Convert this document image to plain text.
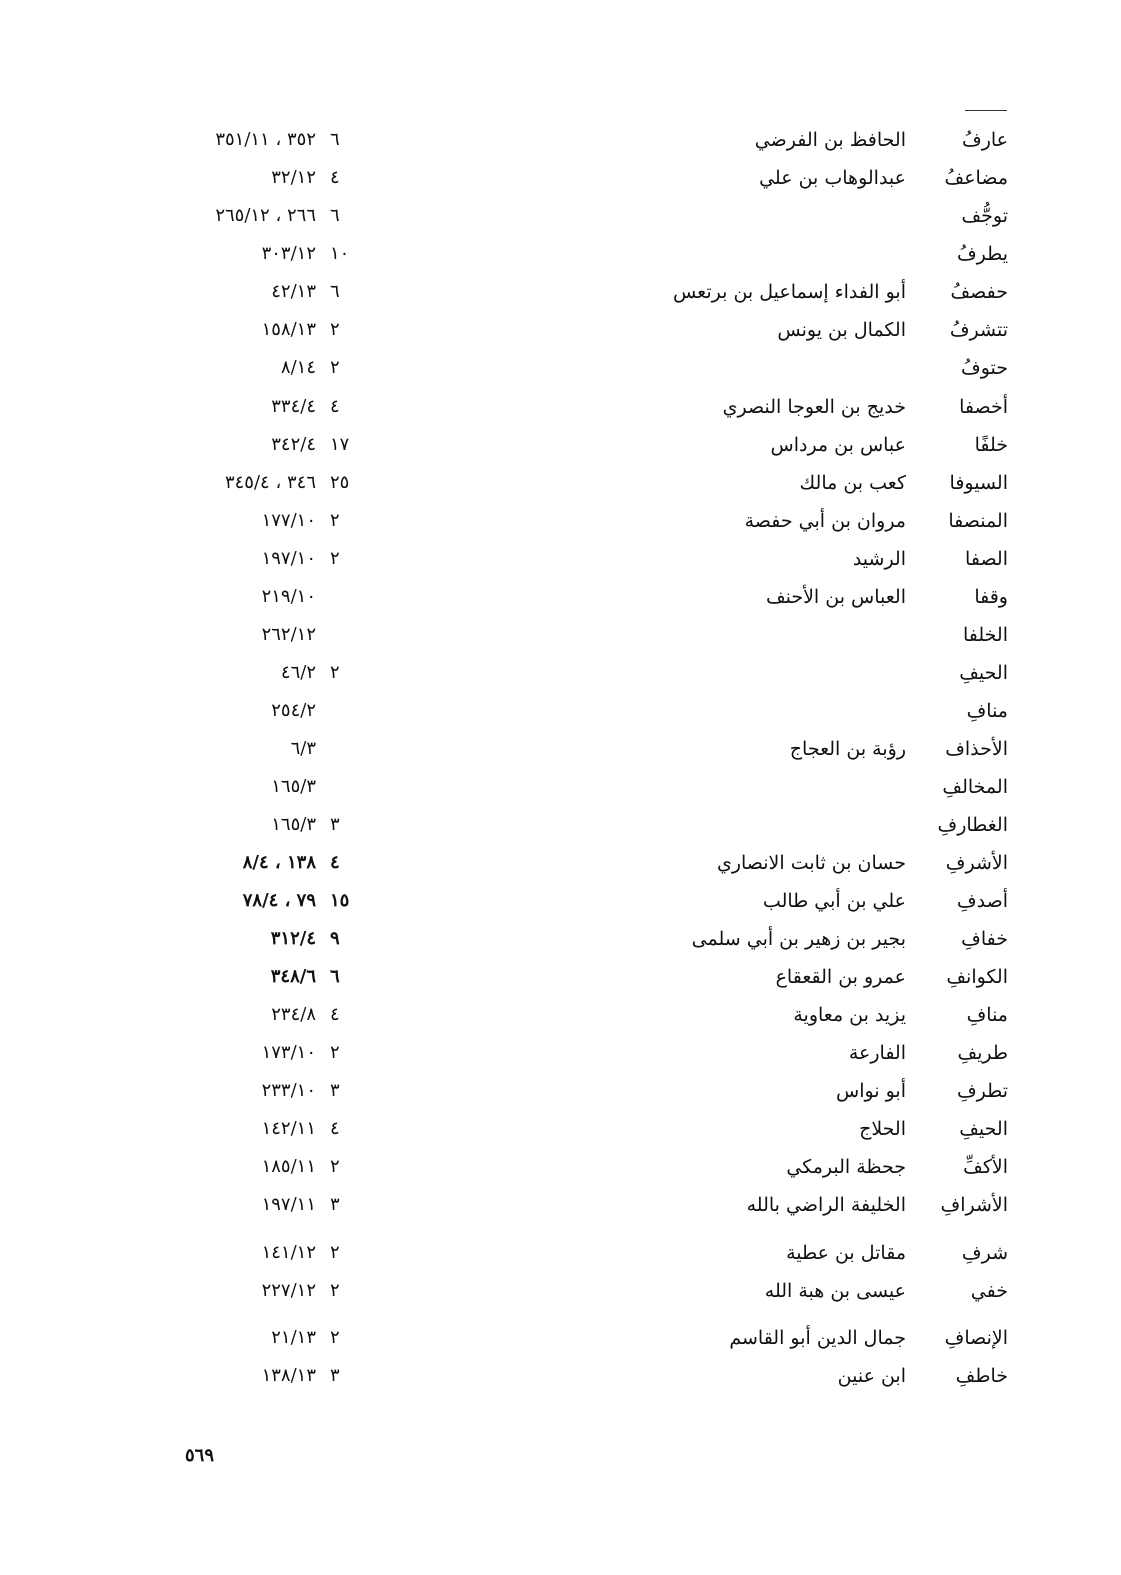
عارفُ
الحافظ بن الفرضي
٦
٣٥٢ ، ٣٥١/١١
مضاعفُ
عبدالوهاب بن علي
٤
٣٢/١٢
توجُّف
٦
٢٦٦ ، ٢٦٥/١٢
يطرفُ
١٠
٣٠٣/١٢
حفصفُ
أبو الفداء إسماعيل بن برتعس
٦
٤٢/١٣
تتشرفُ
الكمال بن يونس
٢
١٥٨/١٣
حتوفُ
٢
٨/١٤
أخصفا
خديج بن العوجا النصري
٤
٣٣٤/٤
خلفًا
عباس بن مرداس
١٧
٣٤٢/٤
السيوفا
كعب بن مالك
٢٥
٣٤٦ ، ٣٤٥/٤
المنصفا
مروان بن أبي حفصة
٢
١٧٧/١٠
الصفا
الرشيد
٢
١٩٧/١٠
وقفا
العباس بن الأحنف
٢١٩/١٠
الخلفا
٢٦٢/١٢
الحيفِ
٢
٤٦/٢
منافِ
٢٥٤/٢
الأحذاف
رؤبة بن العجاج
٦/٣
المخالفِ
١٦٥/٣
الغطارفِ
٣
١٦٥/٣
الأشرفِ
حسان بن ثابت الانصاري
٤
١٣٨ ، ٨/٤
أصدفِ
علي بن أبي طالب
١٥
٧٩ ، ٧٨/٤
خفافِ
بجير بن زهير بن أبي سلمى
٩
٣١٢/٤
الكوانفِ
عمرو بن القعقاع
٦
٣٤٨/٦
منافِ
يزيد بن معاوية
٤
٢٣٤/٨
طريفِ
الفارعة
٢
١٧٣/١٠
تطرفِ
أبو نواس
٣
٢٣٣/١٠
الحيفِ
الحلاج
٤
١٤٢/١١
الأكفِّ
جحظة البرمكي
٢
١٨٥/١١
الأشرافِ
الخليفة الراضي بالله
٣
١٩٧/١١
شرفِ
مقاتل بن عطية
٢
١٤١/١٢
خفي
عيسى بن هبة الله
٢
٢٢٧/١٢
الإنصافِ
جمال الدين أبو القاسم
٢
٢١/١٣
خاطفِ
ابن عنين
٣
١٣٨/١٣
٥٦٩
